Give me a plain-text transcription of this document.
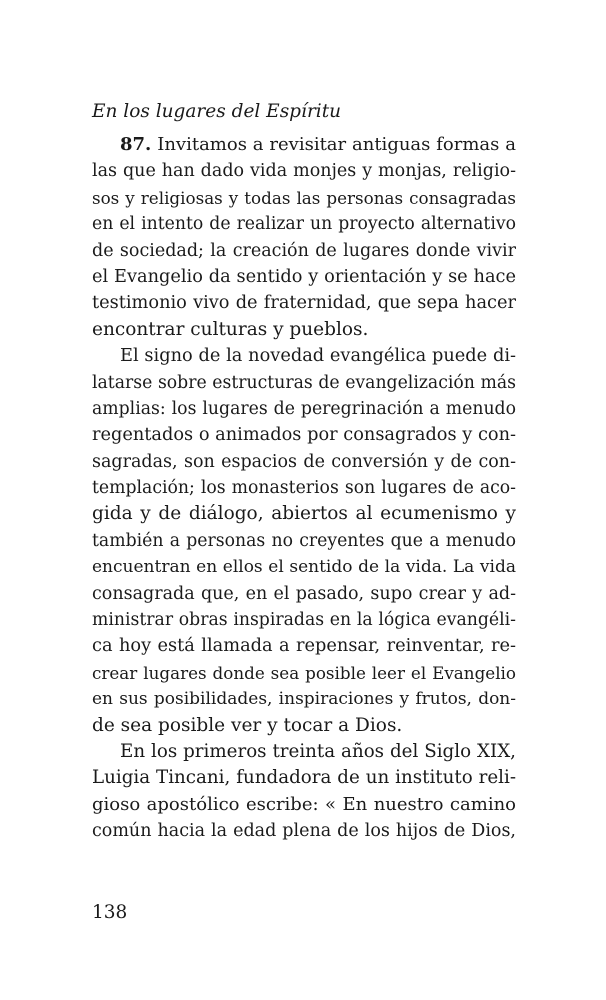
En los lugares del Espíritu
87. Invitamos a revisitar antiguas formas a
las que han dado vida monjes y monjas, religio-
sos y religiosas y todas las personas consagradas
en el intento de realizar un proyecto alternativo
de sociedad; la creación de lugares donde vivir
el Evangelio da sentido y orientación y se hace
testimonio vivo de fraternidad, que sepa hacer
encontrar culturas y pueblos.
El signo de la novedad evangélica puede di-
latarse sobre estructuras de evangelización más
amplias: los lugares de peregrinación a menudo
regentados o animados por consagrados y con-
sagradas, son espacios de conversión y de con-
templación; los monasterios son lugares de aco-
gida y de diálogo, abiertos al ecumenismo y
también a personas no creyentes que a menudo
encuentran en ellos el sentido de la vida. La vida
consagrada que, en el pasado, supo crear y ad-
ministrar obras inspiradas en la lógica evangéli-
ca hoy está llamada a repensar, reinventar, re-
crear lugares donde sea posible leer el Evangelio
en sus posibilidades, inspiraciones y frutos, don-
de sea posible ver y tocar a Dios.
En los primeros treinta años del Siglo XIX,
Luigia Tincani, fundadora de un instituto reli-
gioso apostólico escribe: « En nuestro camino
común hacia la edad plena de los hijos de Dios,
138
